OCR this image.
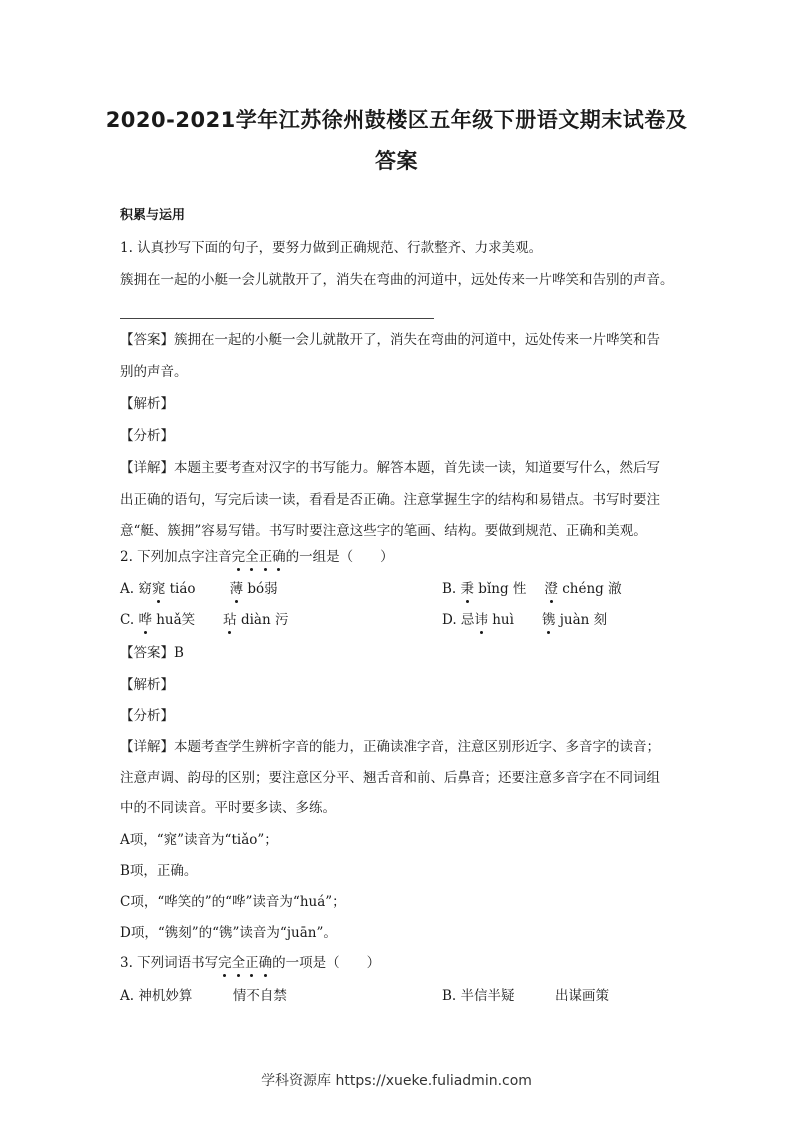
2020-2021学年江苏徐州鼓楼区五年级下册语文期末试卷及
答案
积累与运用
1. 认真抄写下面的句子，要努力做到正确规范、行款整齐、力求美观。
簇拥在一起的小艇一会儿就散开了，消失在弯曲的河道中，远处传来一片哗笑和告别的声音。
【答案】簇拥在一起的小艇一会儿就散开了，消失在弯曲的河道中，远处传来一片哗笑和告
别的声音。
【解析】
【分析】
【详解】本题主要考查对汉字的书写能力。解答本题，首先读一读，知道要写什么，然后写
出正确的语句，写完后读一读，看看是否正确。注意掌握生字的结构和易错点。书写时要注
意“艇、簇拥”容易写错。书写时要注意这些字的笔画、结构。要做到规范、正确和美观。
2. 下列加点字注音完全正确的一组是（　　）
A. 窈窕 tiáo	薄 bó弱	B. 秉 bǐng 性 澄 chéng 澈
C. 哗 huǎ笑 玷 diàn 污	D. 忌讳 huì 镌 juàn 刻
【答案】B
【解析】
【分析】
【详解】本题考查学生辨析字音的能力，正确读准字音，注意区别形近字、多音字的读音；
注意声调、韵母的区别；要注意区分平、翘舌音和前、后鼻音；还要注意多音字在不同词组
中的不同读音。平时要多读、多练。
A项，“窕”读音为“tiǎo”；
B项，正确。
C项，“哗笑的”的“哗”读音为“huá”；
D项，“镌刻”的“镌”读音为“juān”。
3. 下列词语书写完全正确的一项是（　　）
A. 神机妙算　　　情不自禁	B. 半信半疑　　　出谋画策
学科资源库 https://xueke.fuliadmin.com
